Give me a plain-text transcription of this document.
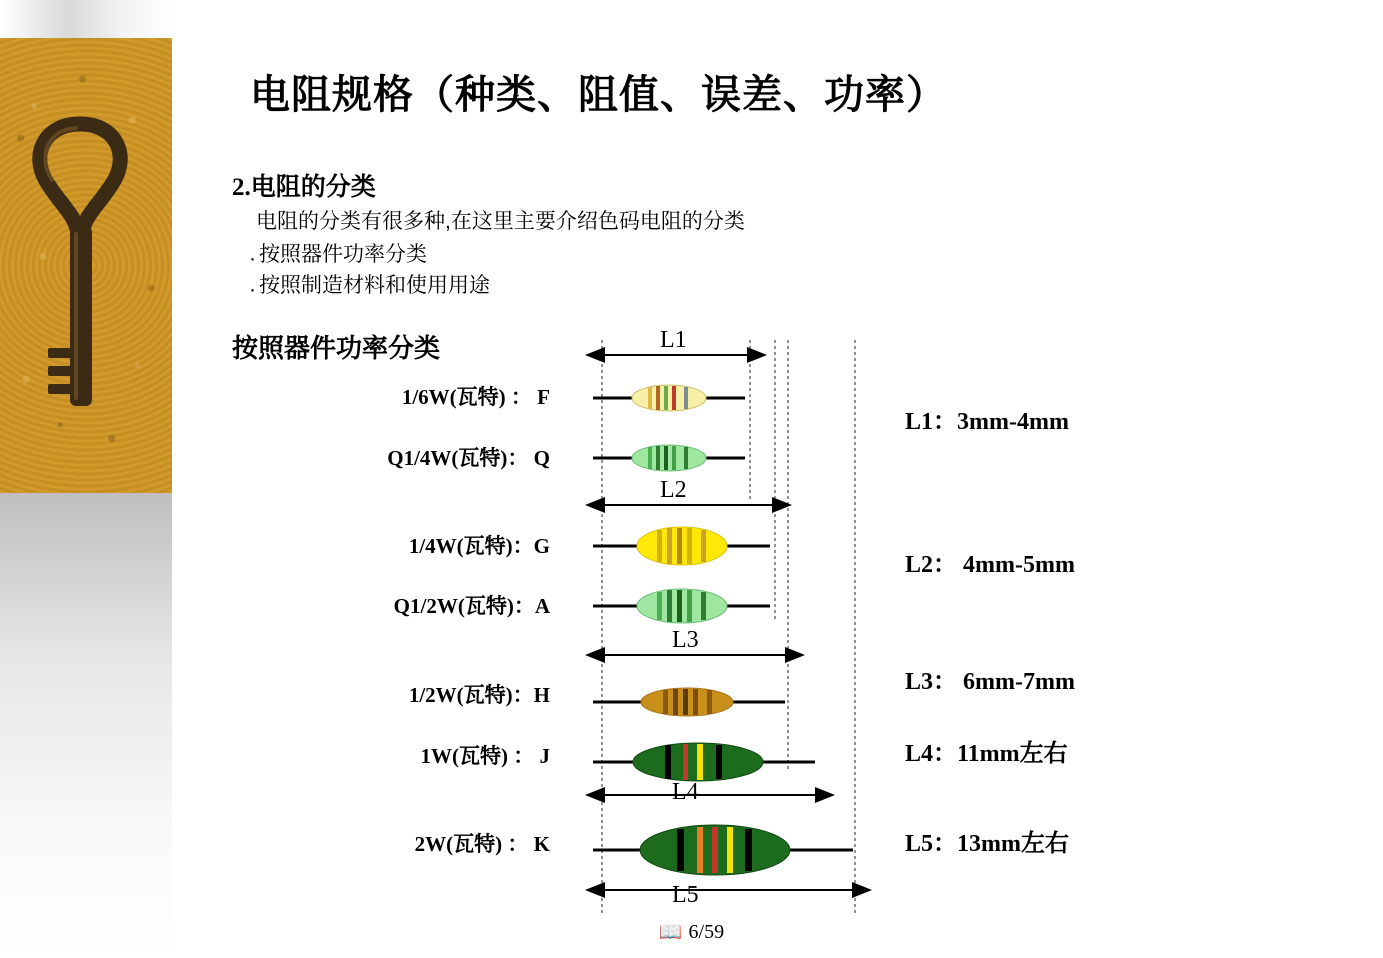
电阻规格（种类、阻值、误差、功率）
2.电阻的分类
电阻的分类有很多种,在这里主要介绍色码电阻的分类
· 按照器件功率分类
· 按照制造材料和使用用途
按照器件功率分类
1/6W(瓦特) ： F
Q1/4W(瓦特)： Q
1/4W(瓦特)：G
Q1/2W(瓦特)：A
1/2W(瓦特)：H
1W(瓦特) ： J
2W(瓦特) ： K
L1
L2
L3
L4
L5
L1：3mm-4mm
L2： 4mm-5mm
L3： 6mm-7mm
L4：11mm左右
L5：13mm左右
📖 6/59
